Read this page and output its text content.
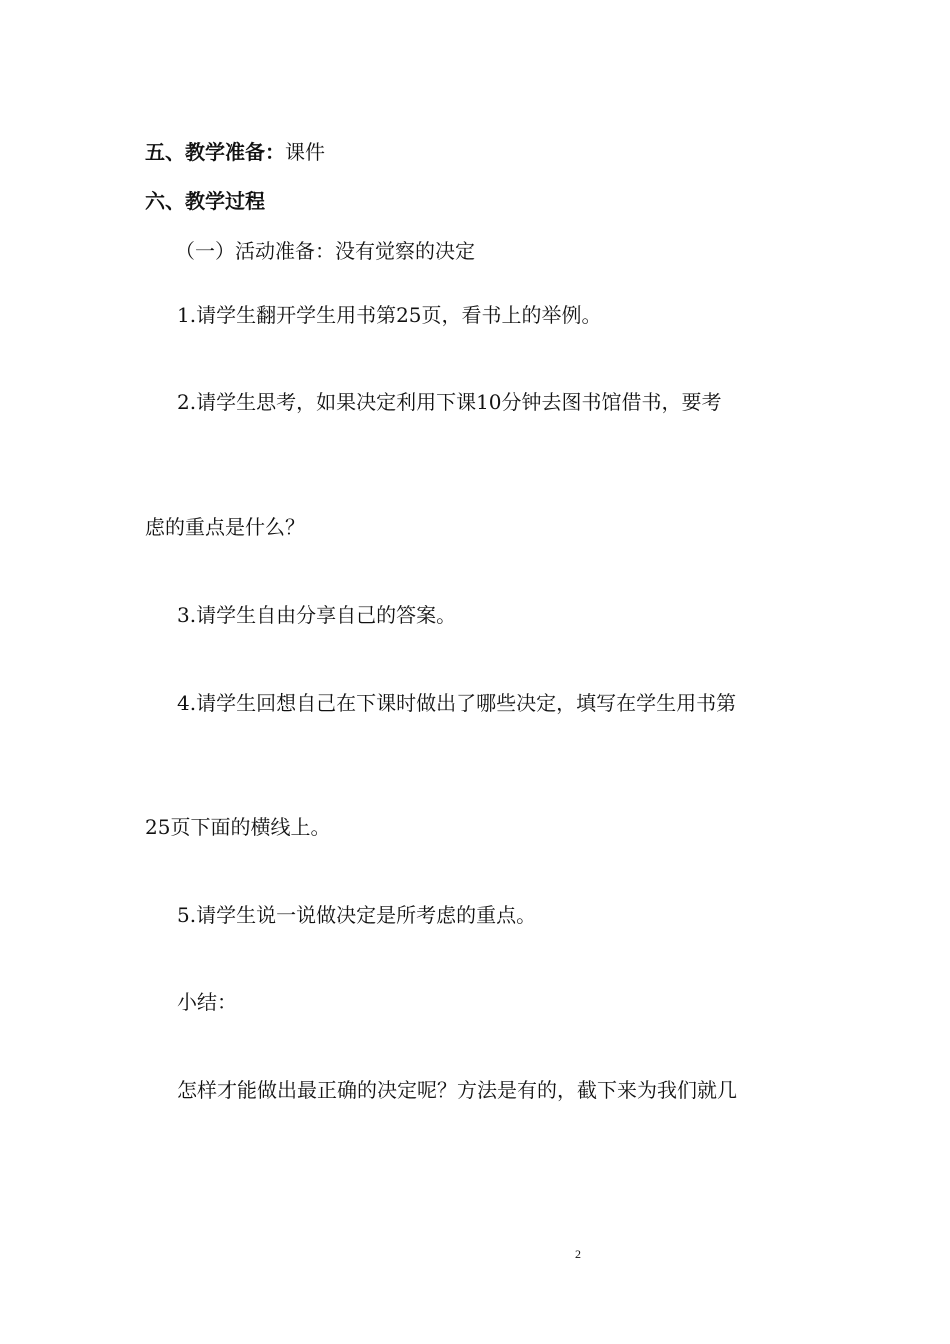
五、教学准备：课件
六、教学过程
（一）活动准备：没有觉察的决定
1.请学生翻开学生用书第25页，看书上的举例。
2.请学生思考，如果决定利用下课10分钟去图书馆借书，要考
虑的重点是什么？
3.请学生自由分享自己的答案。
4.请学生回想自己在下课时做出了哪些决定，填写在学生用书第
25页下面的横线上。
5.请学生说一说做决定是所考虑的重点。
小结：
怎样才能做出最正确的决定呢？方法是有的，截下来为我们就几
2
